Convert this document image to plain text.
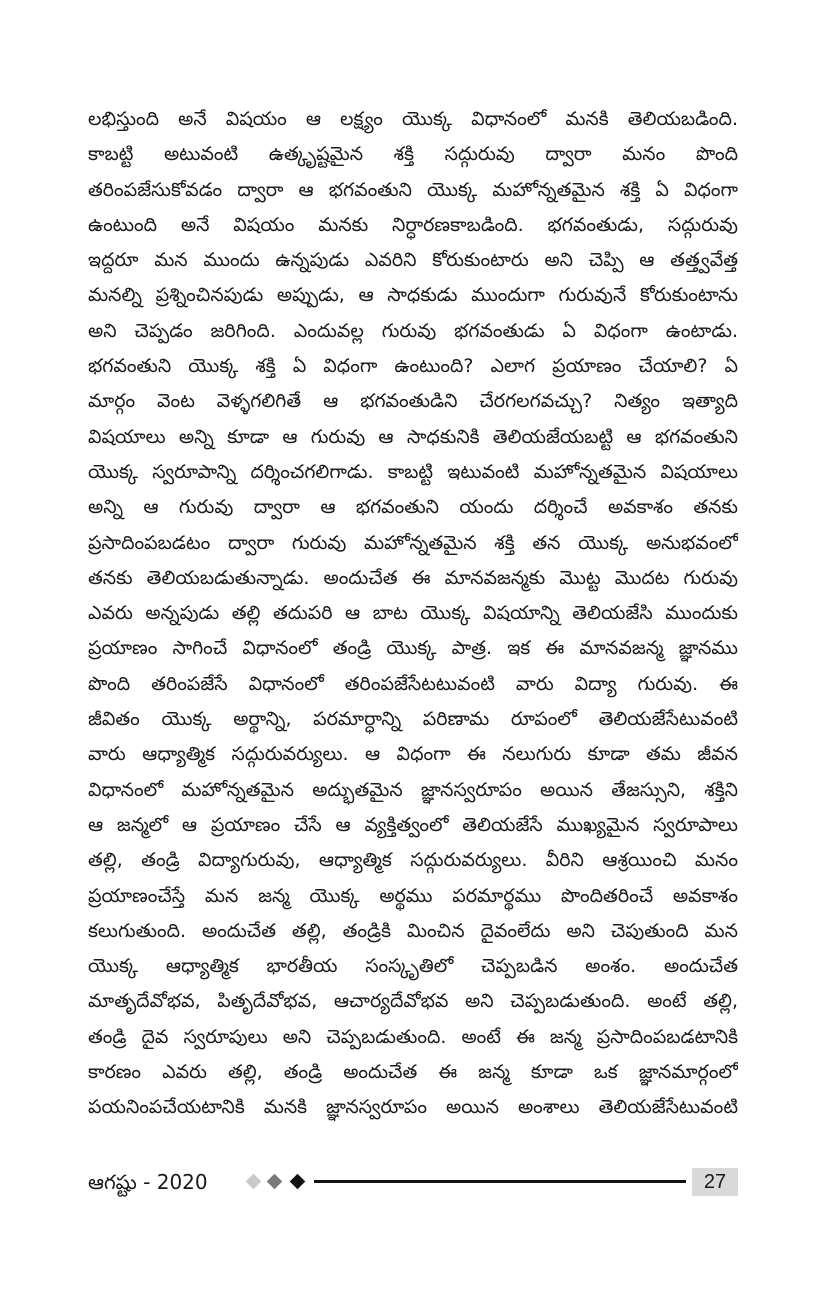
లభిస్తుంది అనే విషయం ఆ లక్ష్యం యొక్క విధానంలో మనకి తెలియబడింది.
కాబట్టి అటువంటి ఉత్కృష్టమైన శక్తి సద్గురువు ద్వారా మనం పొంది
తరింపజేసుకోవడం ద్వారా ఆ భగవంతుని యొక్క మహోన్నతమైన శక్తి ఏ విధంగా
ఉంటుంది అనే విషయం మనకు నిర్ధారణకాబడింది. భగవంతుడు, సద్గురువు
ఇద్దరూ మన ముందు ఉన్నపుడు ఎవరిని కోరుకుంటారు అని చెప్పి ఆ తత్త్వవేత్త
మనల్ని ప్రశ్నించినపుడు అప్పుడు, ఆ సాధకుడు ముందుగా గురువునే కోరుకుంటాను
అని చెప్పడం జరిగింది. ఎందువల్ల గురువు భగవంతుడు ఏ విధంగా ఉంటాడు.
భగవంతుని యొక్క శక్తి ఏ విధంగా ఉంటుంది? ఎలాగ ప్రయాణం చేయాలి? ఏ
మార్గం వెంట వెళ్ళగలిగితే ఆ భగవంతుడిని చేరగలగవచ్చు? నిత్యం ఇత్యాది
విషయాలు అన్ని కూడా ఆ గురువు ఆ సాధకునికి తెలియజేయబట్టి ఆ భగవంతుని
యొక్క స్వరూపాన్ని దర్శించగలిగాడు. కాబట్టి ఇటువంటి మహోన్నతమైన విషయాలు
అన్ని ఆ గురువు ద్వారా ఆ భగవంతుని యందు దర్శించే అవకాశం తనకు
ప్రసాదింపబడటం ద్వారా గురువు మహోన్నతమైన శక్తి తన యొక్క అనుభవంలో
తనకు తెలియబడుతున్నాడు. అందుచేత ఈ మానవజన్మకు మొట్ట మొదట గురువు
ఎవరు అన్నపుడు తల్లి తదుపరి ఆ బాట యొక్క విషయాన్ని తెలియజేసి ముందుకు
ప్రయాణం సాగించే విధానంలో తండ్రి యొక్క పాత్ర. ఇక ఈ మానవజన్మ జ్ఞానము
పొంది తరింపజేసే విధానంలో తరింపజేసేటటువంటి వారు విద్యా గురువు. ఈ
జీవితం యొక్క అర్థాన్ని, పరమార్ధాన్ని పరిణామ రూపంలో తెలియజేసేటువంటి
వారు ఆధ్యాత్మిక సద్గురువర్యులు. ఆ విధంగా ఈ నలుగురు కూడా తమ జీవన
విధానంలో మహోన్నతమైన అద్భుతమైన జ్ఞానస్వరూపం అయిన తేజస్సుని, శక్తిని
ఆ జన్మలో ఆ ప్రయాణం చేసే ఆ వ్యక్తిత్వంలో తెలియజేసే ముఖ్యమైన స్వరూపాలు
తల్లి, తండ్రి విద్యాగురువు, ఆధ్యాత్మిక సద్గురువర్యులు. వీరిని ఆశ్రయించి మనం
ప్రయాణంచేస్తే మన జన్మ యొక్క అర్థము పరమార్థము పొందితరించే అవకాశం
కలుగుతుంది. అందుచేత తల్లి, తండ్రికి మించిన దైవంలేదు అని చెపుతుంది మన
యొక్క ఆధ్యాత్మిక భారతీయ సంస్కృతిలో చెప్పబడిన అంశం. అందుచేత
మాతృదేవోభవ, పితృదేవోభవ, ఆచార్యదేవోభవ అని చెప్పబడుతుంది. అంటే తల్లి,
తండ్రి దైవ స్వరూపులు అని చెప్పబడుతుంది. అంటే ఈ జన్మ ప్రసాదింపబడటానికి
కారణం ఎవరు తల్లి, తండ్రి అందుచేత ఈ జన్మ కూడా ఒక జ్ఞానమార్గంలో
పయనింపచేయటానికి మనకి జ్ఞానస్వరూపం అయిన అంశాలు తెలియజేసేటువంటి
ఆగష్టు - 2020	27
